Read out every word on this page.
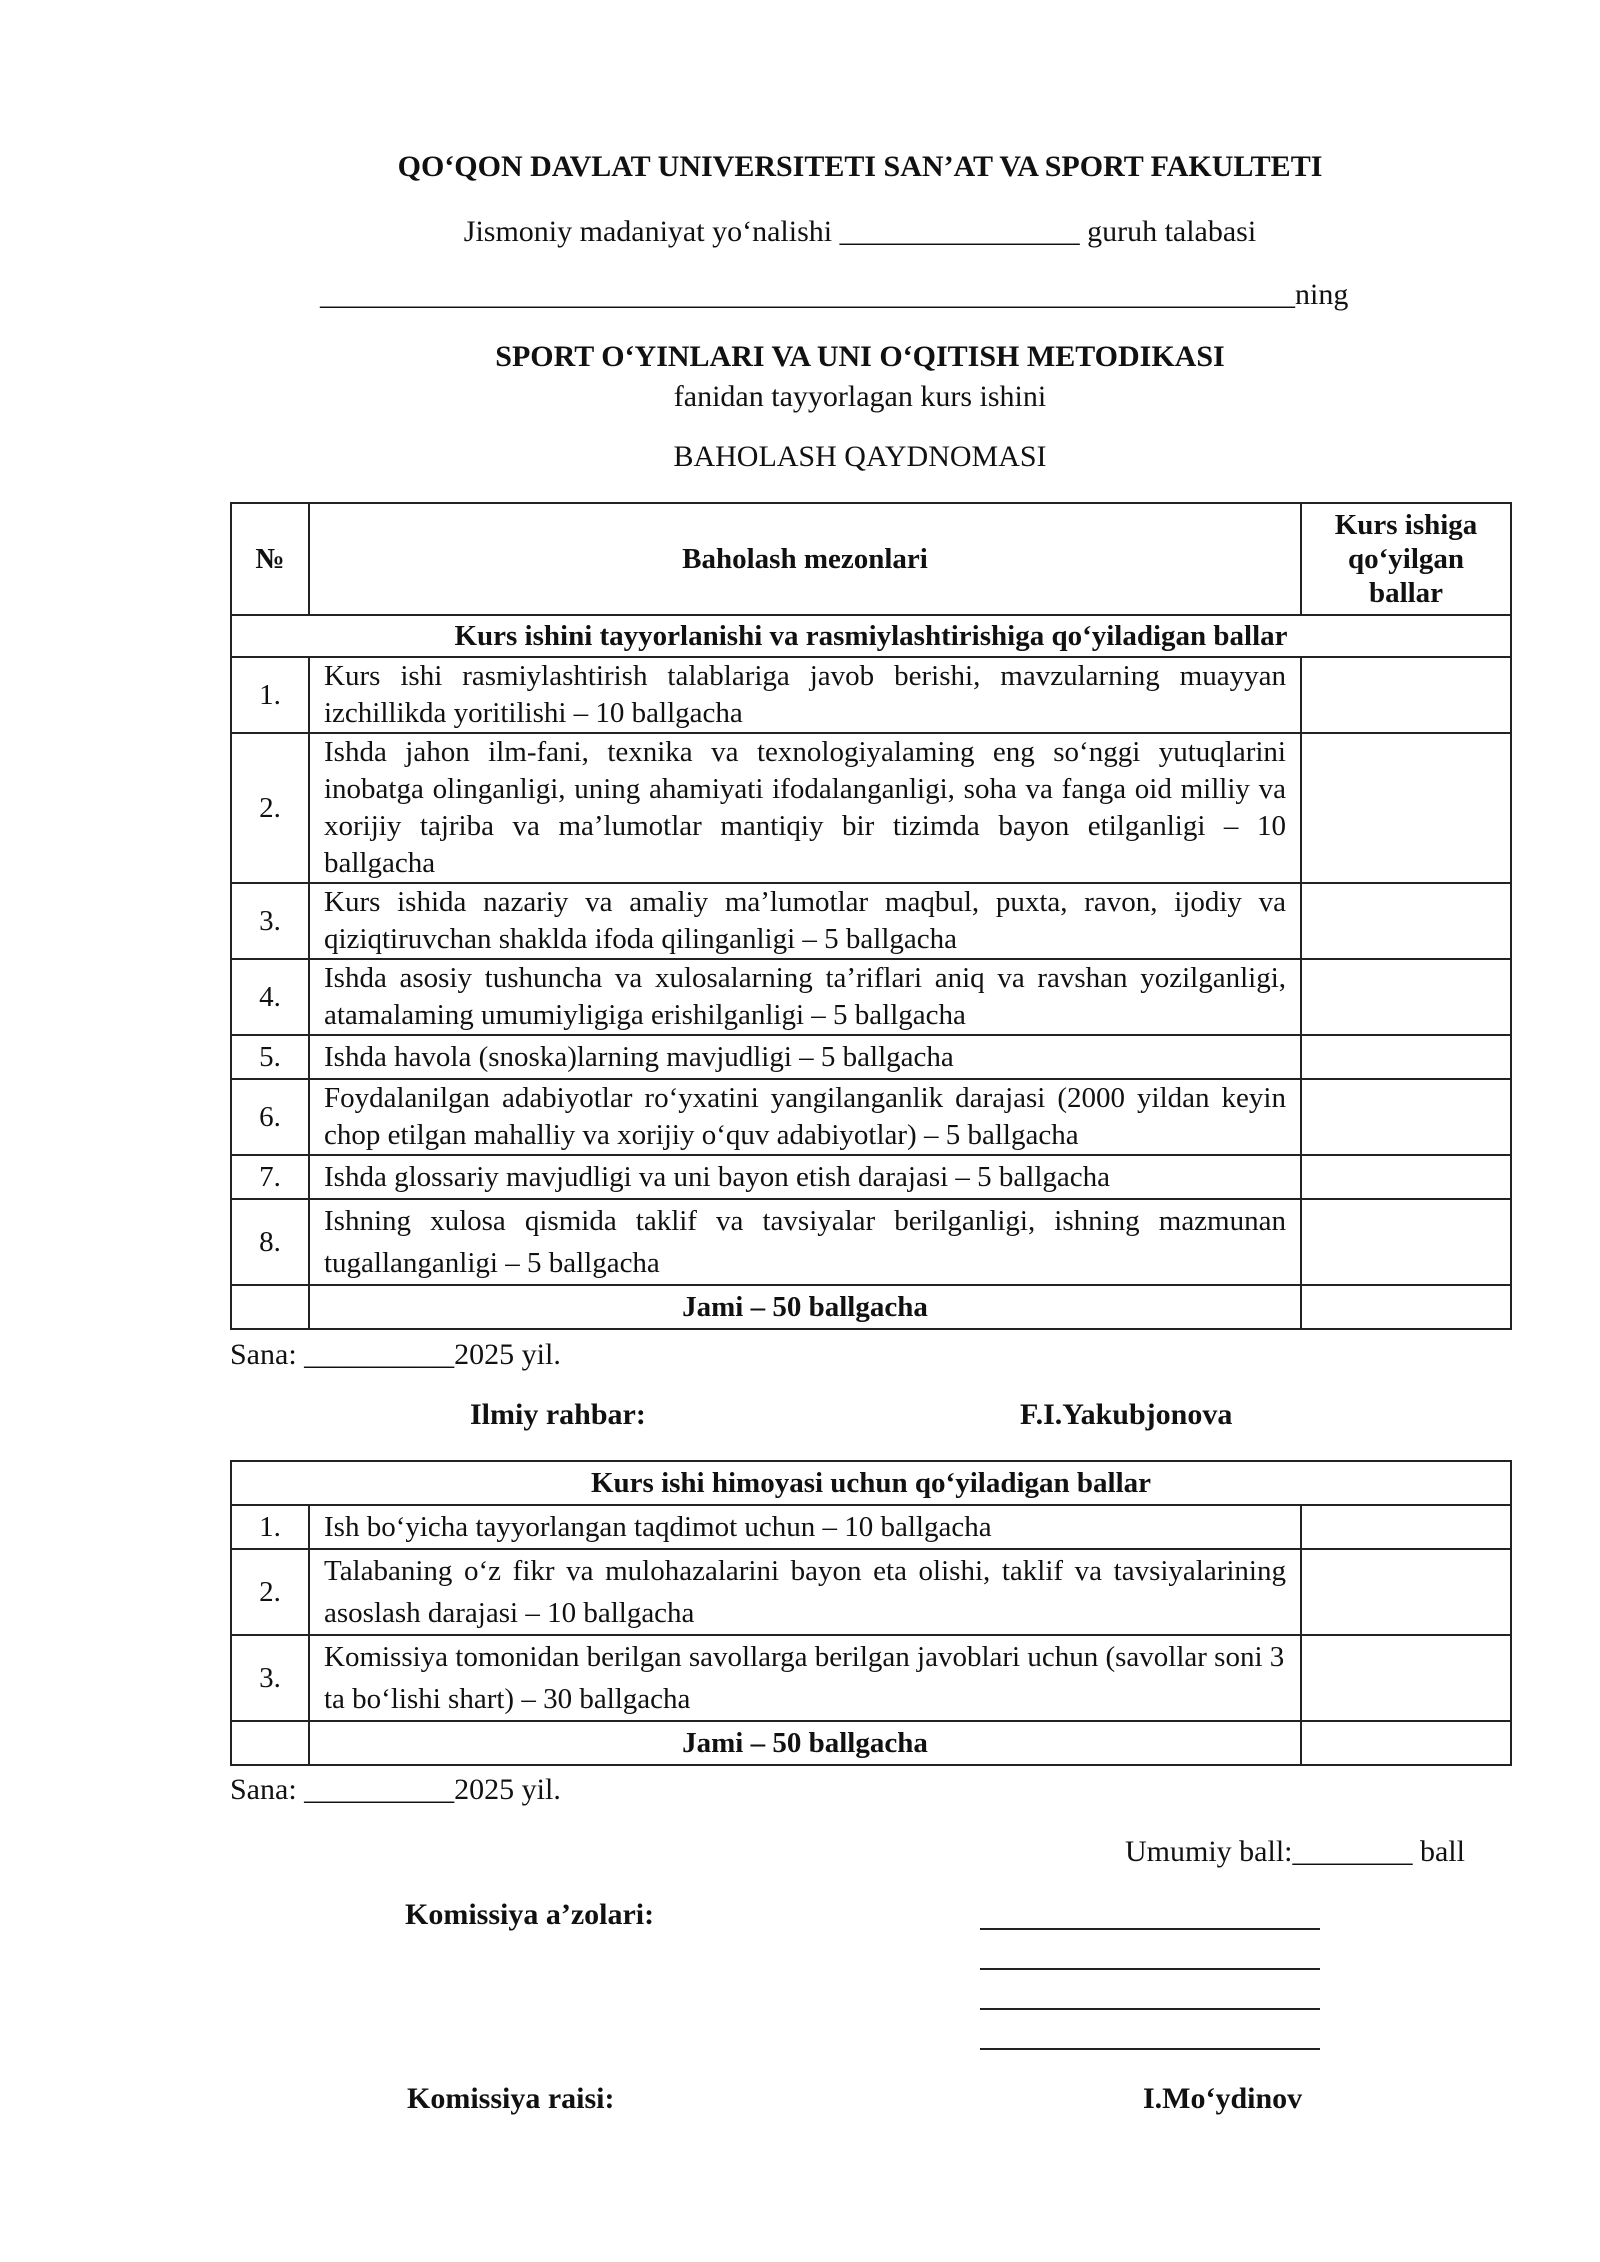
QO‘QON DAVLAT UNIVERSITETI SAN’AT VA SPORT FAKULTETI
Jismoniy madaniyat yo‘nalishi ________________ guruh talabasi
_________________________________________________________________ning
SPORT O‘YINLARI VA UNI O‘QITISH METODIKASI
fanidan tayyorlagan kurs ishini
BAHOLASH QAYDNOMASI
№	Baholash mezonlari	Kurs ishiga qo‘yilgan ballar
Kurs ishini tayyorlanishi va rasmiylashtirishiga qo‘yiladigan ballar		
1.	Kurs ishi rasmiylashtirish talablariga javob berishi, mavzularning muayyan izchillikda yoritilishi – 10 ballgacha	
2.	Ishda jahon ilm-fani, texnika va texnologiyalaming eng so‘nggi yutuqlarini inobatga olinganligi, uning ahamiyati ifodalanganligi, soha va fanga oid milliy va xorijiy tajriba va ma’lumotlar mantiqiy bir tizimda bayon etilganligi – 10 ballgacha	
3.	Kurs ishida nazariy va amaliy ma’lumotlar maqbul, puxta, ravon, ijodiy va qiziqtiruvchan shaklda ifoda qilinganligi – 5 ballgacha	
4.	Ishda asosiy tushuncha va xulosalarning ta’riflari aniq va ravshan yozilganligi, atamalaming umumiyligiga erishilganligi – 5 ballgacha	
5.	Ishda havola (snoska)larning mavjudligi – 5 ballgacha	
6.	Foydalanilgan adabiyotlar ro‘yxatini yangilanganlik darajasi (2000 yildan keyin chop etilgan mahalliy va xorijiy o‘quv adabiyotlar) – 5 ballgacha	
7.	Ishda glossariy mavjudligi va uni bayon etish darajasi – 5 ballgacha	
8.	Ishning xulosa qismida taklif va tavsiyalar berilganligi, ishning mazmunan tugallanganligi – 5 ballgacha	
	Jami – 50 ballgacha	
Sana: __________2025 yil.
Ilmiy rahbar:	F.I.Yakubjonova
Kurs ishi himoyasi uchun qo‘yiladigan ballar		
1.	Ish bo‘yicha tayyorlangan taqdimot uchun – 10 ballgacha	
2.	Talabaning o‘z fikr va mulohazalarini bayon eta olishi, taklif va tavsiyalarining asoslash darajasi – 10 ballgacha	
3.	Komissiya tomonidan berilgan savollarga berilgan javoblari uchun (savollar soni 3 ta bo‘lishi shart) – 30 ballgacha	
	Jami – 50 ballgacha	
Sana: __________2025 yil.
Umumiy ball:________ ball
Komissiya a’zolari:
Komissiya raisi:	I.Mo‘ydinov
